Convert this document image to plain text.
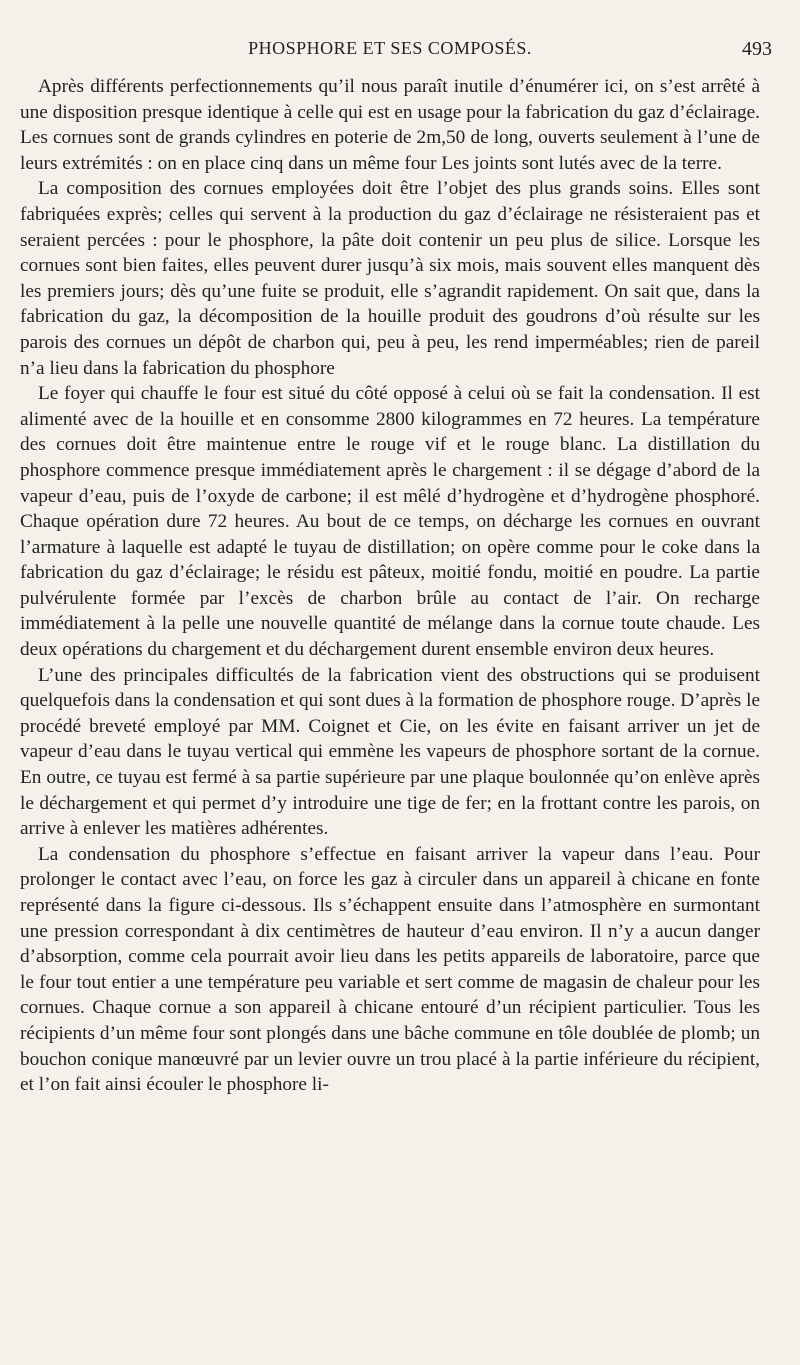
PHOSPHORE ET SES COMPOSÉS.	493

Après différents perfectionnements qu’il nous paraît inutile d’énumérer ici, on s’est arrêté à une disposition presque identique à celle qui est en usage pour la fabrication du gaz d’éclairage. Les cornues sont de grands cylindres en poterie de 2m,50 de long, ouverts seulement à l’une de leurs extrémités : on en place cinq dans un même four Les joints sont lutés avec de la terre.

La composition des cornues employées doit être l’objet des plus grands soins. Elles sont fabriquées exprès; celles qui servent à la production du gaz d’éclairage ne résisteraient pas et seraient percées : pour le phosphore, la pâte doit contenir un peu plus de silice. Lorsque les cornues sont bien faites, elles peuvent durer jusqu’à six mois, mais souvent elles manquent dès les premiers jours; dès qu’une fuite se produit, elle s’agrandit rapidement. On sait que, dans la fabrication du gaz, la décomposition de la houille produit des goudrons d’où résulte sur les parois des cornues un dépôt de charbon qui, peu à peu, les rend imperméables; rien de pareil n’a lieu dans la fabrication du phosphore

Le foyer qui chauffe le four est situé du côté opposé à celui où se fait la condensation. Il est alimenté avec de la houille et en consomme 2800 kilogrammes en 72 heures. La température des cornues doit être maintenue entre le rouge vif et le rouge blanc. La distillation du phosphore commence presque immédiatement après le chargement : il se dégage d’abord de la vapeur d’eau, puis de l’oxyde de carbone; il est mêlé d’hydrogène et d’hydrogène phosphoré. Chaque opération dure 72 heures. Au bout de ce temps, on décharge les cornues en ouvrant l’armature à laquelle est adapté le tuyau de distillation; on opère comme pour le coke dans la fabrication du gaz d’éclairage; le résidu est pâteux, moitié fondu, moitié en poudre. La partie pulvérulente formée par l’excès de charbon brûle au contact de l’air. On recharge immédiatement à la pelle une nouvelle quantité de mélange dans la cornue toute chaude. Les deux opérations du chargement et du déchargement durent ensemble environ deux heures.

L’une des principales difficultés de la fabrication vient des obstructions qui se produisent quelquefois dans la condensation et qui sont dues à la formation de phosphore rouge. D’après le procédé breveté employé par MM. Coignet et Cie, on les évite en faisant arriver un jet de vapeur d’eau dans le tuyau vertical qui emmène les vapeurs de phosphore sortant de la cornue. En outre, ce tuyau est fermé à sa partie supérieure par une plaque boulonnée qu’on enlève après le déchargement et qui permet d’y introduire une tige de fer; en la frottant contre les parois, on arrive à enlever les matières adhérentes.

La condensation du phosphore s’effectue en faisant arriver la vapeur dans l’eau. Pour prolonger le contact avec l’eau, on force les gaz à circuler dans un appareil à chicane en fonte représenté dans la figure ci-dessous. Ils s’échappent ensuite dans l’atmosphère en surmontant une pression correspondant à dix centimètres de hauteur d’eau environ. Il n’y a aucun danger d’absorption, comme cela pourrait avoir lieu dans les petits appareils de laboratoire, parce que le four tout entier a une température peu variable et sert comme de magasin de chaleur pour les cornues. Chaque cornue a son appareil à chicane entouré d’un récipient particulier. Tous les récipients d’un même four sont plongés dans une bâche commune en tôle doublée de plomb; un bouchon conique manœuvré par un levier ouvre un trou placé à la partie inférieure du récipient, et l’on fait ainsi écouler le phosphore li-
